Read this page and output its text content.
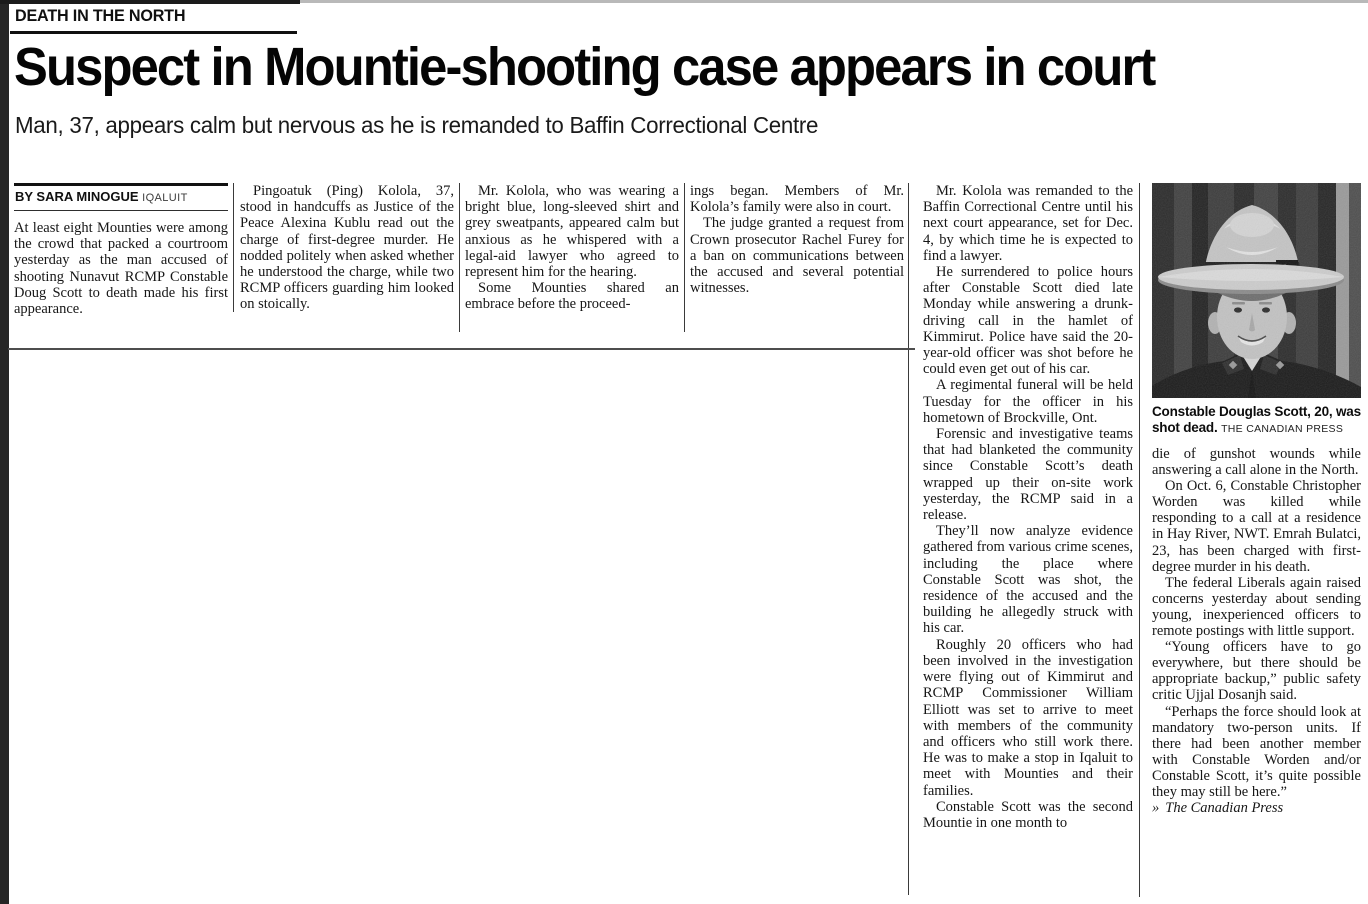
DEATH IN THE NORTH
Suspect in Mountie-shooting case appears in court
Man, 37, appears calm but nervous as he is remanded to Baffin Correctional Centre
BY SARA MINOGUE IQALUIT

At least eight Mounties were among the crowd that packed a courtroom yesterday as the man accused of shooting Nunavut RCMP Constable Doug Scott to death made his first appearance.

Pingoatuk (Ping) Kolola, 37, stood in handcuffs as Justice of the Peace Alexina Kublu read out the charge of first-degree murder. He nodded politely when asked whether he understood the charge, while two RCMP officers guarding him looked on stoically.

Mr. Kolola, who was wearing a bright blue, long-sleeved shirt and grey sweatpants, appeared calm but anxious as he whispered with a legal-aid lawyer who agreed to represent him for the hearing.

Some Mounties shared an embrace before the proceed-

ings began. Members of Mr. Kolola’s family were also in court.

The judge granted a request from Crown prosecutor Rachel Furey for a ban on communications between the accused and several potential witnesses.

Mr. Kolola was remanded to the Baffin Correctional Centre until his next court appearance, set for Dec. 4, by which time he is expected to find a lawyer.

He surrendered to police hours after Constable Scott died late Monday while answering a drunk-driving call in the hamlet of Kimmirut. Police have said the 20-year-old officer was shot before he could even get out of his car.

A regimental funeral will be held Tuesday for the officer in his hometown of Brockville, Ont.

Forensic and investigative teams that had blanketed the community since Constable Scott’s death wrapped up their on-site work yesterday, the RCMP said in a release.

They’ll now analyze evidence gathered from various crime scenes, including the place where Constable Scott was shot, the residence of the accused and the building he allegedly struck with his car.

Roughly 20 officers who had been involved in the investigation were flying out of Kimmirut and RCMP Commissioner William Elliott was set to arrive to meet with members of the community and officers who still work there. He was to make a stop in Iqaluit to meet with Mounties and their families.

Constable Scott was the second Mountie in one month to

Constable Douglas Scott, 20, was shot dead. THE CANADIAN PRESS

die of gunshot wounds while answering a call alone in the North.

On Oct. 6, Constable Christopher Worden was killed while responding to a call at a residence in Hay River, NWT. Emrah Bulatci, 23, has been charged with first-degree murder in his death.

The federal Liberals again raised concerns yesterday about sending young, inexperienced officers to remote postings with little support.

“Young officers have to go everywhere, but there should be appropriate backup,” public safety critic Ujjal Dosanjh said.

“Perhaps the force should look at mandatory two-person units. If there had been another member with Constable Worden and/or Constable Scott, it’s quite possible they may still be here.”

» The Canadian Press
